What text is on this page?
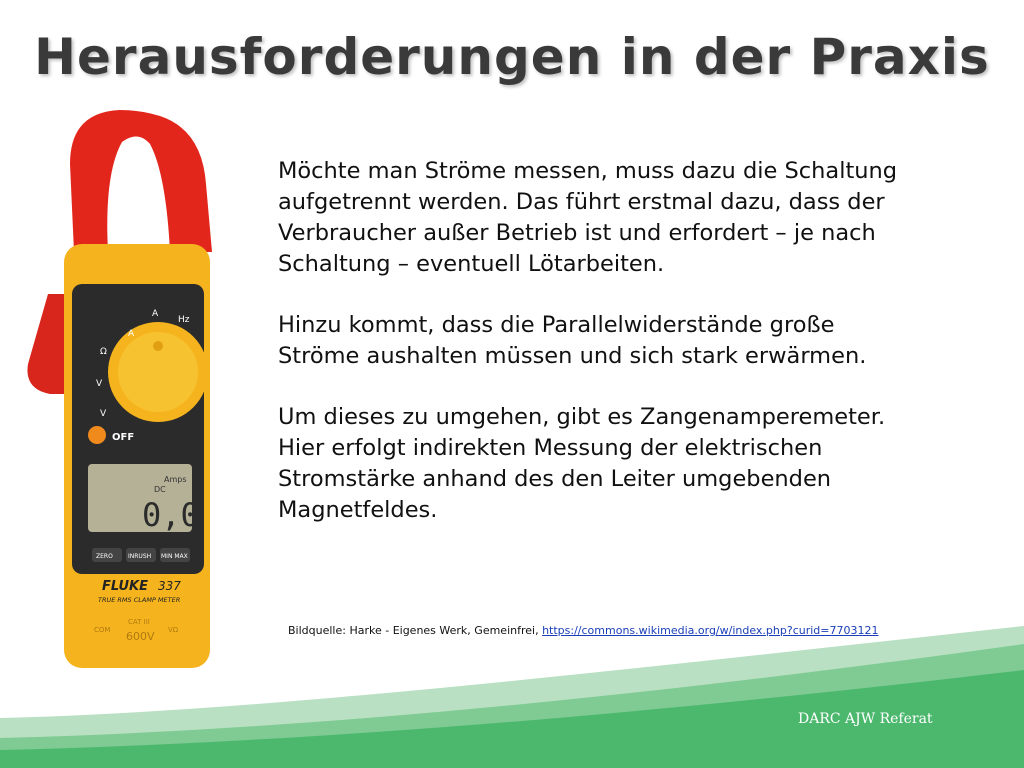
Herausforderungen in der Praxis
A
Ω
V
V
A
Hz
OFF
Amps
DC
0,0
ZERO	INRUSH MIN MAX
FLUKE 337
TRUE RMS CLAMP METER
COM
CAT III
VΩ
600V

Möchte man Ströme messen, muss dazu die Schaltung
aufgetrennt werden. Das führt erstmal dazu, dass der
Verbraucher außer Betrieb ist und erfordert – je nach
Schaltung – eventuell Lötarbeiten.

Hinzu kommt, dass die Parallelwiderstände große
Ströme aushalten müssen und sich stark erwärmen.

Um dieses zu umgehen, gibt es Zangenamperemeter.
Hier erfolgt indirekten Messung der elektrischen
Stromstärke anhand des den Leiter umgebenden
Magnetfeldes.

Bildquelle: Harke - Eigenes Werk, Gemeinfrei, https://commons.wikimedia.org/w/index.php?curid=7703121
DARC AJW Referat
